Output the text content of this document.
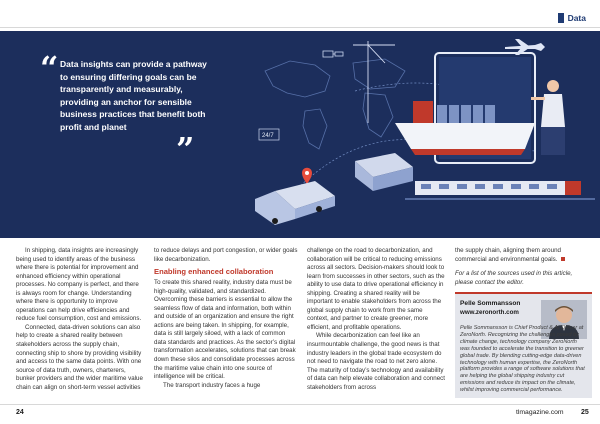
Data
“ Data insights can provide a pathway to ensuring differing goals can be transparently and measurably, providing an anchor for sensible business practices that benefit both profit and planet
”	24/7

In shipping, data insights are increasingly being used to identify areas of the business where there is potential for improvement and enhanced efficiency within operational processes. No company is perfect, and there is always room for change. Understanding where there is opportunity to improve operations can help drive efficiencies and reduce fuel consumption, cost and emissions.

Connected, data-driven solutions can also help to create a shared reality between stakeholders across the supply chain, connecting ship to shore by providing visibility and access to the same data points. With one source of data truth, owners, charterers, bunker providers and the wider maritime value chain can align on short-term vessel activities

to reduce delays and port congestion, or wider goals like decarbonization.

Enabling enhanced collaboration

To create this shared reality, industry data must be high-quality, validated, and standardized. Overcoming these barriers is essential to allow the seamless flow of data and information, both within and outside of an organization and ensure the right actions are being taken. In shipping, for example, data is still largely siloed, with a lack of common data standards and practices. As the sector’s digital transformation accelerates, solutions that can break down these silos and consolidate processes across the maritime value chain into one source of intelligence will be critical.

The transport industry faces a huge

challenge on the road to decarbonization, and collaboration will be critical to reducing emissions across all sectors. Decision-makers should look to learn from successes in other sectors, such as the ability to use data to drive operational efficiency in shipping. Creating a shared reality will be important to enable stakeholders from across the global supply chain to work from the same context, and partner to create greener, more efficient, and profitable operations.

While decarbonization can feel like an insurmountable challenge, the good news is that industry leaders in the global trade ecosystem do not need to navigate the road to net zero alone. The maturity of today’s technology and availability of data can help elevate collaboration and connect stakeholders from across

the supply chain, aligning them around commercial and environmental goals.

For a list of the sources used in this article, please contact the editor.

Pelle Sommansson
www.zeronorth.com
Pelle Sommansson is Chief Product & AI Officer at ZeroNorth. Recognizing the challenges posed by climate change, technology company ZeroNorth was founded to accelerate the transition to greener global trade. By blending cutting-edge data-driven technology with human expertise, the ZeroNorth platform provides a range of software solutions that are helping the global shipping industry cut emissions and reduce its impact on the climate, whilst improving commercial performance.
24	tlmagazine.com 25
